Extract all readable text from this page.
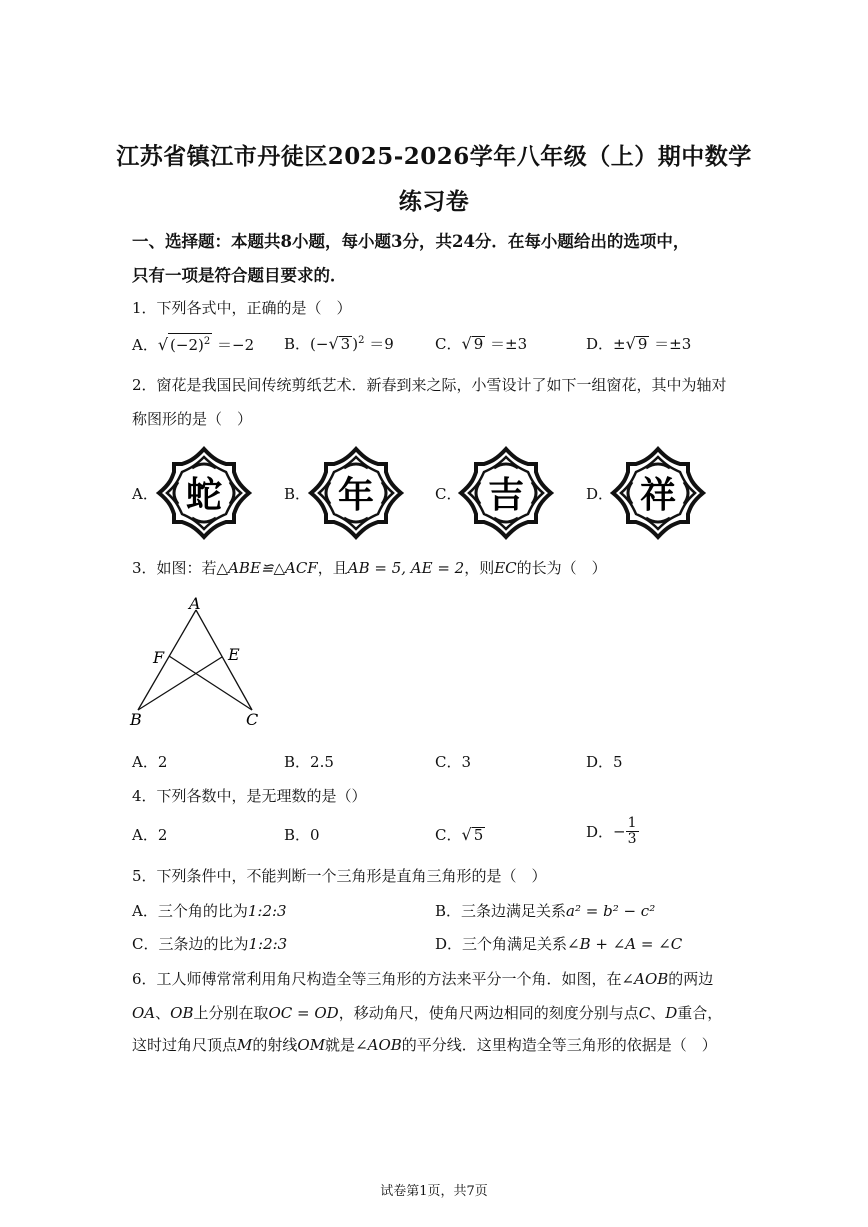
江苏省镇江市丹徒区2025-2026学年八年级（上）期中数学
练习卷
一、选择题：本题共8小题，每小题3分，共24分．在每小题给出的选项中，
只有一项是符合题目要求的．
1．下列各式中，正确的是（　）
A．√ $(-2)^2 =-2$ B．(−√ 3 )$^2$ ＝9	C．√ 9 ＝±3	D．±√ 9 ＝±3
2．窗花是我国民间传统剪纸艺术．新春到来之际，小雪设计了如下一组窗花，其中为轴对
称图形的是（　）
A． 蛇	B． 年	C． 吉	D． 祥
3．如图：若△ABE≌△ACF，且AB = 5, AE = 2，则EC的长为（　）
A
F	E
B	C
A．2	B．2.5	C．3	D．5
4．下列各数中，是无理数的是（）
A．2	B．0	C．√ 5	D．− $\frac{1}{3}$
5．下列条件中，不能判断一个三角形是直角三角形的是（　）
A．三个角的比为1:2:3	B．三条边满足关系a² = b² − c²
C．三条边的比为1:2:3	D．三个角满足关系∠B + ∠A = ∠C
6．工人师傅常常利用角尺构造全等三角形的方法来平分一个角．如图，在∠AOB的两边
OA、OB上分别在取OC = OD，移动角尺，使角尺两边相同的刻度分别与点C、D重合，
这时过角尺顶点M的射线OM就是∠AOB的平分线．这里构造全等三角形的依据是（　）
试卷第1页，共7页
